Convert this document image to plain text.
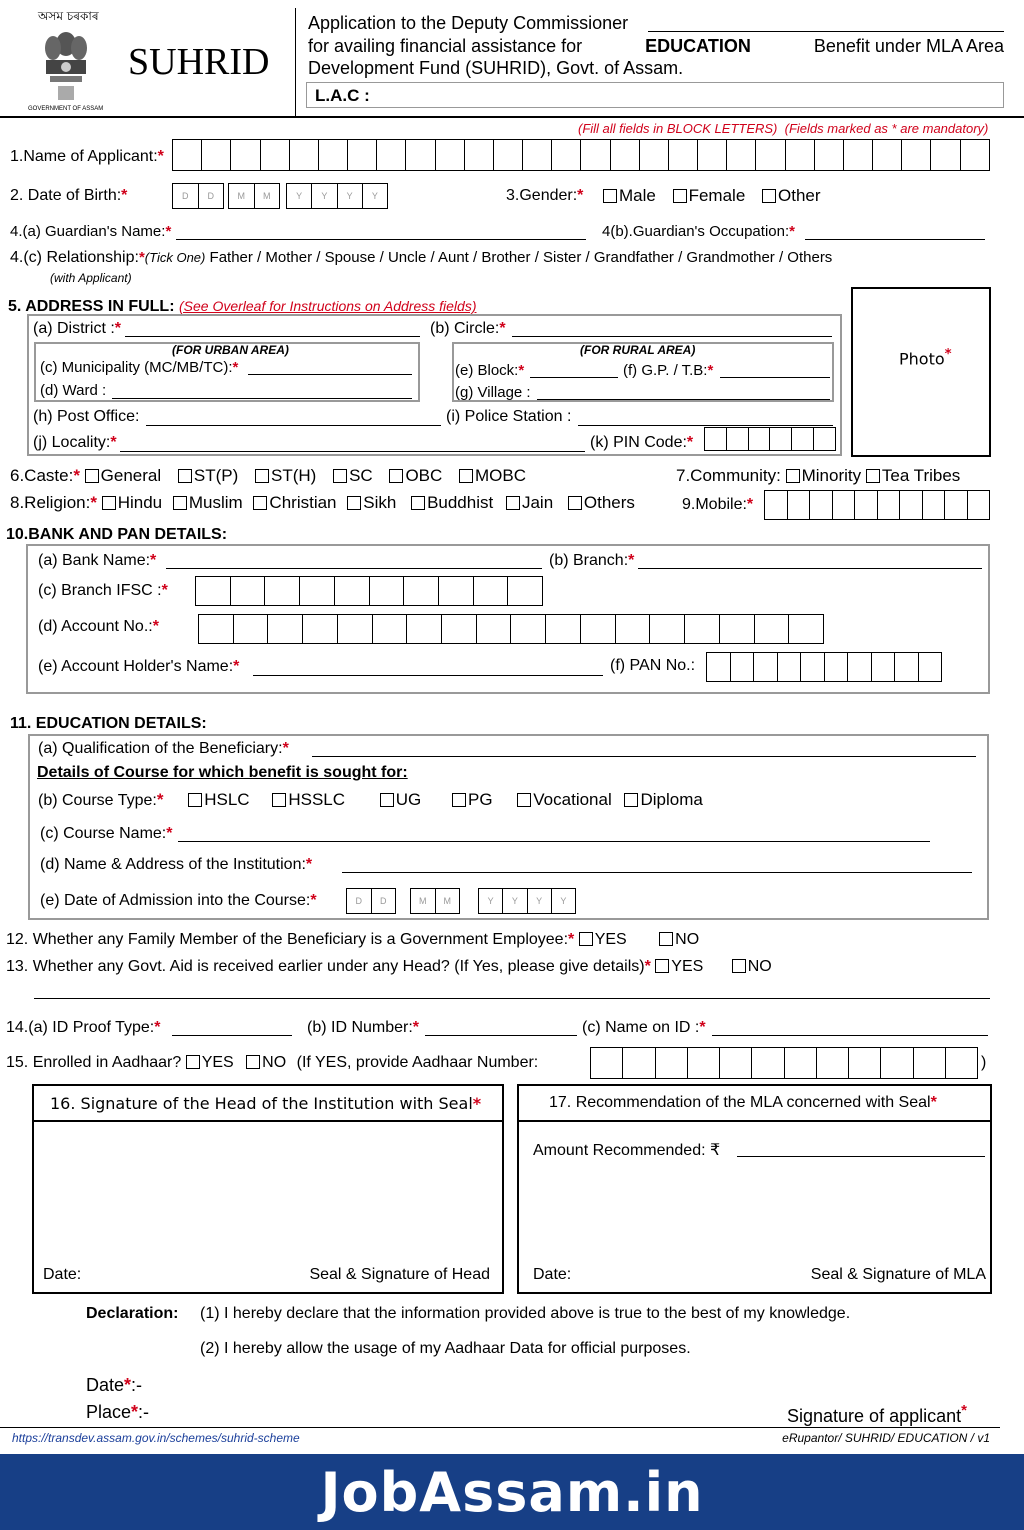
অসম চৰকাৰ
GOVERNMENT OF ASSAM
SUHRID
Application to the Deputy Commissioner
for availing financial assistance for	EDUCATION	Benefit under MLA Area
Development Fund (SUHRID), Govt. of Assam.
L.A.C :
(Fill all fields in BLOCK LETTERS) (Fields marked as * are mandatory)
1.Name of Applicant:*
2. Date of Birth:*	D	D	M	M	Y	Y	Y	Y	3.Gender:*	Male Female Other
4.(a) Guardian's Name:*	4(b).Guardian's Occupation:*
4.(c) Relationship:*(Tick One) Father / Mother / Spouse / Uncle / Aunt / Brother / Sister / Grandfather / Grandmother / Others
(with Applicant)
5. ADDRESS IN FULL: (See Overleaf for Instructions on Address fields)
(a) District :*	(b) Circle:*
(FOR URBAN AREA)
(c) Municipality (MC/MB/TC):*
(d) Ward :
(FOR RURAL AREA)
(e) Block:*	(f) G.P. / T.B:*
(g) Village :
(h) Post Office:	(i) Police Station :
(j) Locality:*	(k) PIN Code:*
Photo*
6.Caste:* General ST(P) ST(H) SC OBC MOBC	7.Community: Minority Tea Tribes
8.Religion:* Hindu Muslim Christian Sikh Buddhist Jain Others	9.Mobile:*
10.BANK AND PAN DETAILS:
(a) Bank Name:*	(b) Branch:*
(c) Branch IFSC :*
(d) Account No.:*
(e) Account Holder's Name:*	(f) PAN No.:
11. EDUCATION DETAILS:
(a) Qualification of the Beneficiary:*
Details of Course for which benefit is sought for:
(b) Course Type:* HSLC HSSLC	UG	PG Vocational Diploma
(c) Course Name:*
(d) Name & Address of the Institution:*
(e) Date of Admission into the Course:*	D	D	M	M	Y	Y	Y	Y
12. Whether any Family Member of the Beneficiary is a Government Employee:* YES	NO
13. Whether any Govt. Aid is received earlier under any Head? (If Yes, please give details)* YES	NO
14.(a) ID Proof Type:*	(b) ID Number:*	(c) Name on ID :*
15. Enrolled in Aadhaar? YES NO (If YES, provide Aadhaar Number:	)
16. Signature of the Head of the Institution with Seal*
Date:	Seal & Signature of Head
17. Recommendation of the MLA concerned with Seal*
Amount Recommended: ₹
Date:	Seal & Signature of MLA
Declaration: (1) I hereby declare that the information provided above is true to the best of my knowledge.
(2) I hereby allow the usage of my Aadhaar Data for official purposes.
Date*:-
Place*:-	Signature of applicant*
https://transdev.assam.gov.in/schemes/suhrid-scheme	eRupantor/ SUHRID/ EDUCATION / v1
JobAssam.in
